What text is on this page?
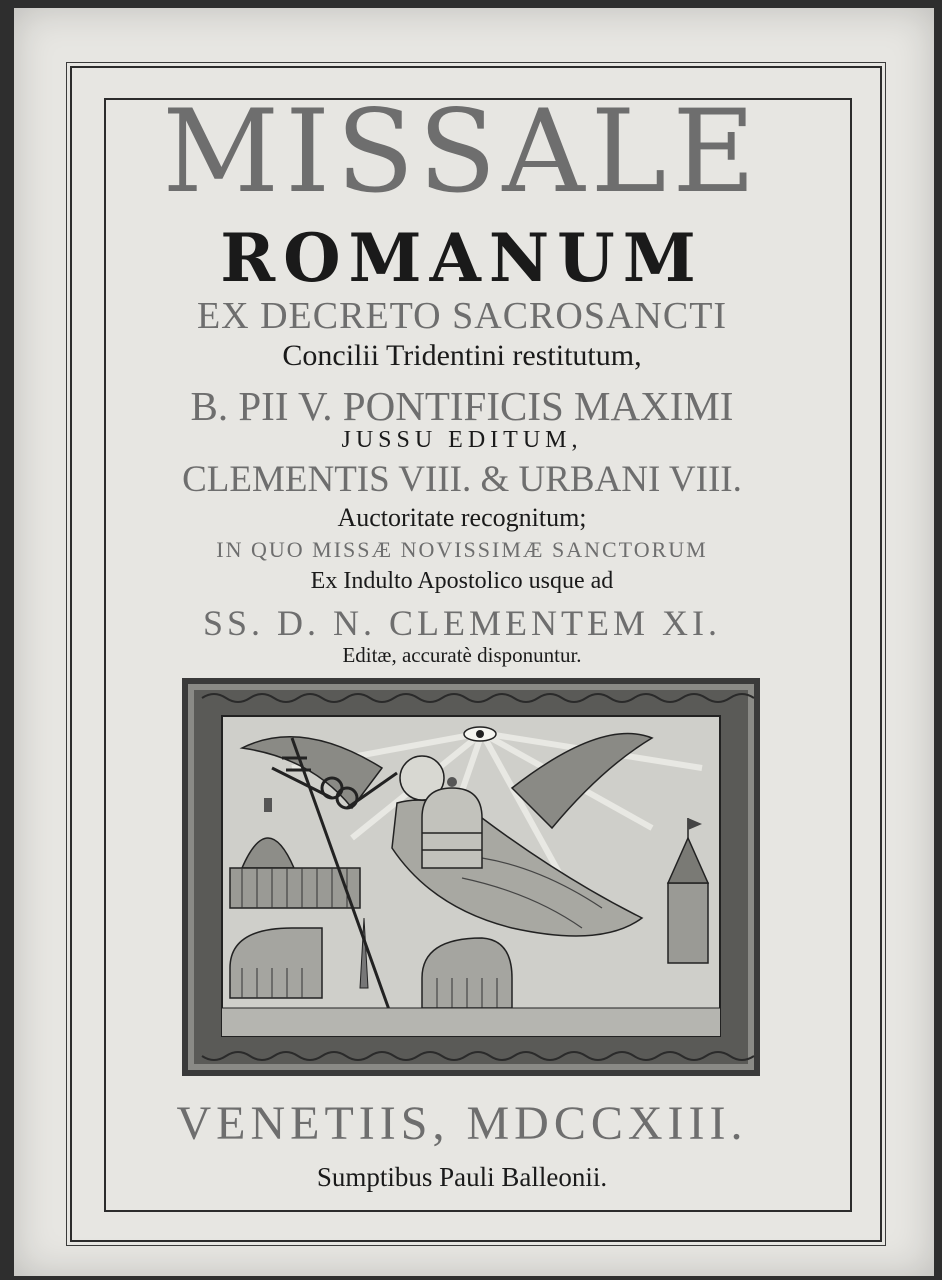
MISSALE

ROMANUM

EX DECRETO SACROSANCTI

Concilii Tridentini restitutum,

B. PII V. PONTIFICIS MAXIMI

JUSSU EDITUM,

CLEMENTIS VIII. & URBANI VIII.

Auctoritate recognitum;

IN QUO MISSÆ NOVISSIMÆ SANCTORUM

Ex Indulto Apostolico usque ad

SS. D. N. CLEMENTEM XI.

Editæ, accuratè disponuntur.

VENETIIS, MDCCXIII.

Sumptibus Pauli Balleonii.
